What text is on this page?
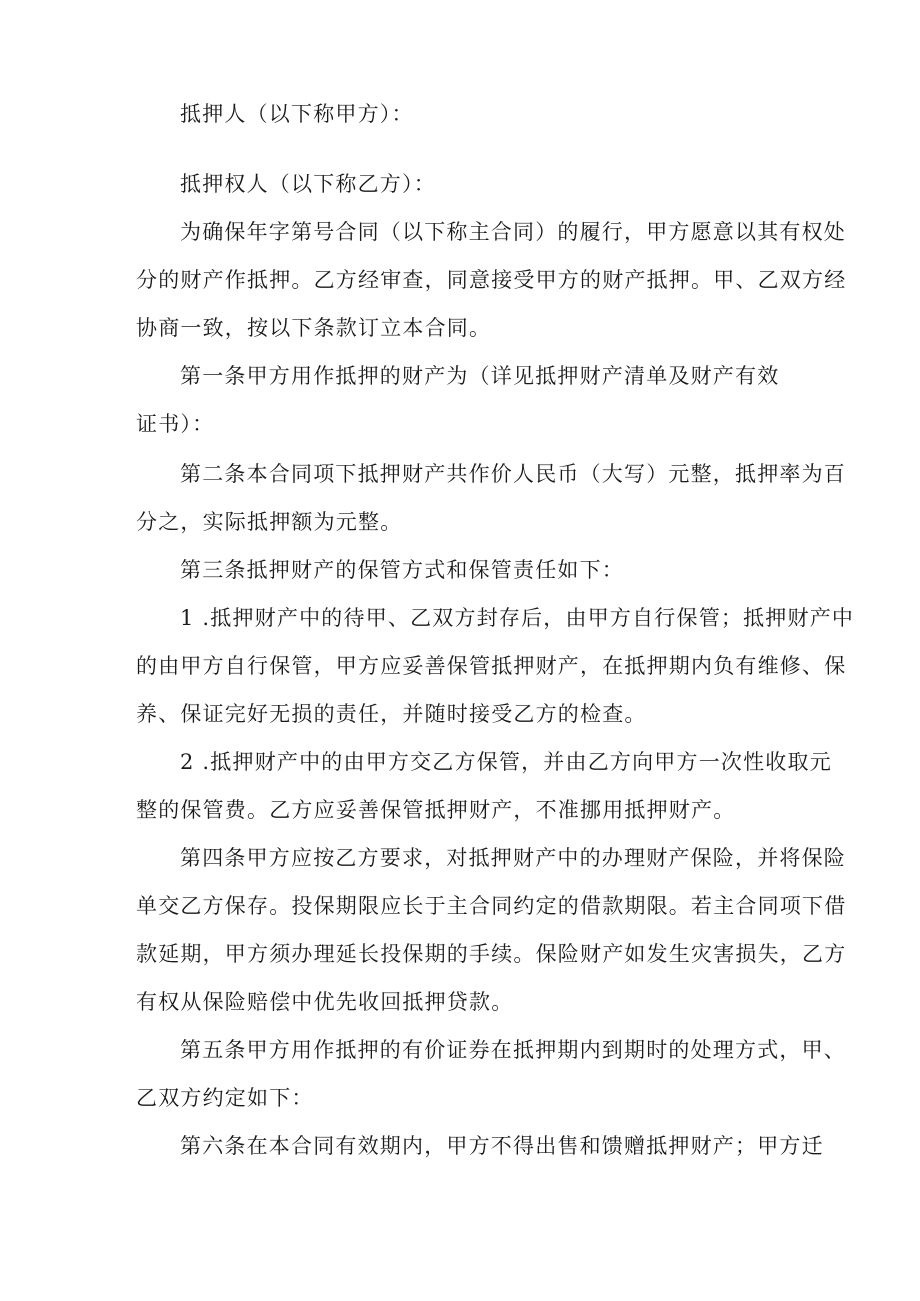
抵押人（以下称甲方）：

抵押权人（以下称乙方）：

为确保年字第号合同（以下称主合同）的履行，甲方愿意以其有权处

分的财产作抵押。乙方经审查，同意接受甲方的财产抵押。甲、乙双方经

协商一致，按以下条款订立本合同。

第一条甲方用作抵押的财产为（详见抵押财产清单及财产有效

证书）：

第二条本合同项下抵押财产共作价人民币（大写）元整，抵押率为百

分之，实际抵押额为元整。

第三条抵押财产的保管方式和保管责任如下：

1 .抵押财产中的待甲、乙双方封存后，由甲方自行保管；抵押财产中

的由甲方自行保管，甲方应妥善保管抵押财产，在抵押期内负有维修、保

养、保证完好无损的责任，并随时接受乙方的检查。

2 .抵押财产中的由甲方交乙方保管，并由乙方向甲方一次性收取元

整的保管费。乙方应妥善保管抵押财产，不准挪用抵押财产。

第四条甲方应按乙方要求，对抵押财产中的办理财产保险，并将保险

单交乙方保存。投保期限应长于主合同约定的借款期限。若主合同项下借

款延期，甲方须办理延长投保期的手续。保险财产如发生灾害损失，乙方

有权从保险赔偿中优先收回抵押贷款。

第五条甲方用作抵押的有价证券在抵押期内到期时的处理方式，甲、

乙双方约定如下：

第六条在本合同有效期内，甲方不得出售和馈赠抵押财产；甲方迁
